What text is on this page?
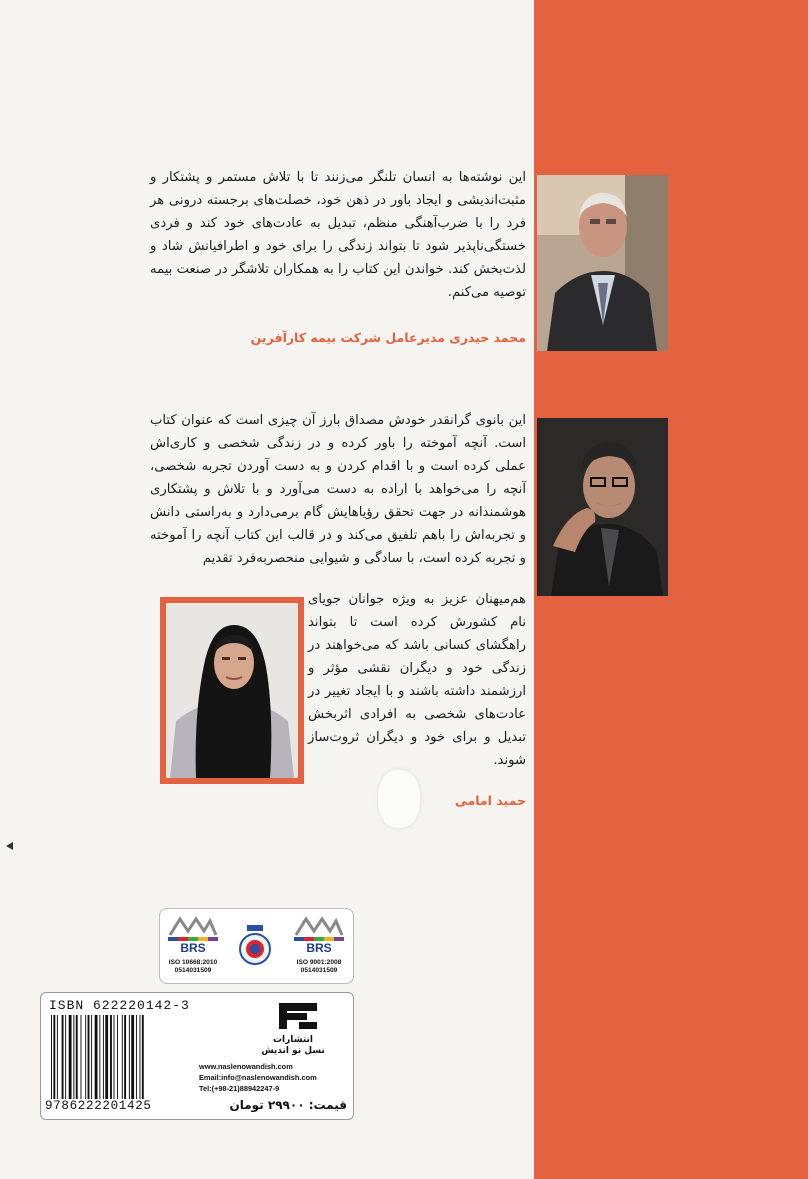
این نوشته‌ها به انسان تلنگر می‌زنند تا با تلاش مستمر و پشتکار و مثبت‌اندیشی و ایجاد باور در ذهن خود، خصلت‌های برجسته درونی هر فرد را با ضرب‌آهنگی منظم، تبدیل به عادت‌های خود کند و فردی خستگی‌ناپذیر شود تا بتواند زندگی را برای خود و اطرافیانش شاد و لذت‌بخش کند. خواندن این کتاب را به همکاران تلاشگر در صنعت بیمه توصیه می‌کنم.
محمد حیدری مدیرعامل شرکت بیمه کارآفرین
این بانوی گرانقدر خودش مصداق بارز آن چیزی است که عنوان کتاب است. آنچه آموخته را باور کرده و در زندگی شخصی و کاری‌اش عملی کرده است و با اقدام کردن و به دست آوردن تجربه شخصی، آنچه را می‌خواهد با اراده به دست می‌آورد و با تلاش و پشتکاری هوشمندانه در جهت تحقق رؤیاهایش گام برمی‌دارد و به‌راستی دانش و تجربه‌اش را باهم تلفیق می‌کند و در قالب این کتاب آنچه را آموخته و تجربه کرده است، با سادگی و شیوایی منحصربه‌فرد تقدیم
هم‌میهنان عزیز به ویژه جوانان جویای نام کشورش کرده است تا بتواند راهگشای کسانی باشد که می‌خواهند در زندگی خود و دیگران نقشی مؤثر و ارزشمند داشته باشند و با ایجاد تغییر در عادت‌های شخصی به افرادی اثربخش تبدیل و برای خود و دیگران ثروت‌ساز شوند.
حمید امامی
BRS
ISO 10668:2010
0514031509
BRS
ISO 9001:2008
0514031509
ISBN 622220142-3
9786222201425
انتشارات
نسل نو اندیش
www.naslenowandish.com
Email:info@naslenowandish.com
Tel:(+98-21)88942247-9
قیمت: ۲۹۹۰۰ تومان
